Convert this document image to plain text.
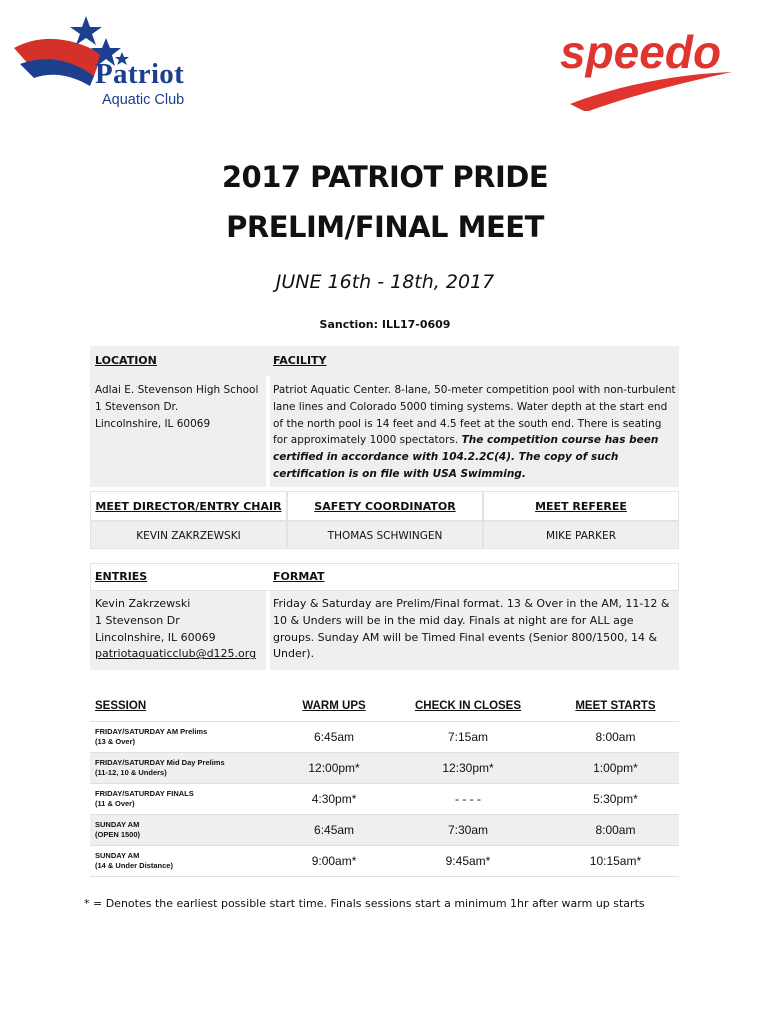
Patriot
Aquatic Club
speedo
2017 PATRIOT PRIDE
PRELIM/FINAL MEET
JUNE 16th - 18th, 2017
Sanction: ILL17-0609
LOCATION	FACILITY
Adlai E. Stevenson High School
1 Stevenson Dr.
Lincolnshire, IL 60069
Patriot Aquatic Center. 8-lane, 50-meter competition pool with non-turbulent lane lines and Colorado 5000 timing systems. Water depth at the start end of the north pool is 14 feet and 4.5 feet at the south end. There is seating for approximately 1000 spectators. The competition course has been certified in accordance with 104.2.2C(4). The copy of such certification is on file with USA Swimming.
MEET DIRECTOR/ENTRY CHAIR	SAFETY COORDINATOR	MEET REFEREE
KEVIN ZAKRZEWSKI	THOMAS SCHWINGEN	MIKE PARKER
ENTRIES	FORMAT
Kevin Zakrzewski
1 Stevenson Dr
Lincolnshire, IL 60069
patriotaquaticclub@d125.org
Friday & Saturday are Prelim/Final format. 13 & Over in the AM, 11-12 & 10 & Unders will be in the mid day. Finals at night are for ALL age groups. Sunday AM will be Timed Final events (Senior 800/1500, 14 & Under).
SESSION	WARM UPS	CHECK IN CLOSES	MEET STARTS

FRIDAY/SATURDAY AM Prelims
(13 & Over)	6:45am	7:15am	8:00am

FRIDAY/SATURDAY Mid Day Prelims
(11-12, 10 & Unders)	12:00pm*	12:30pm*	1:00pm*

FRIDAY/SATURDAY FINALS
(11 & Over)	4:30pm*	- - - -	5:30pm*

SUNDAY AM
(OPEN 1500)	6:45am	7:30am	8:00am

SUNDAY AM
(14 & Under Distance)	9:00am*	9:45am*	10:15am*
* = Denotes the earliest possible start time. Finals sessions start a minimum 1hr after warm up starts
